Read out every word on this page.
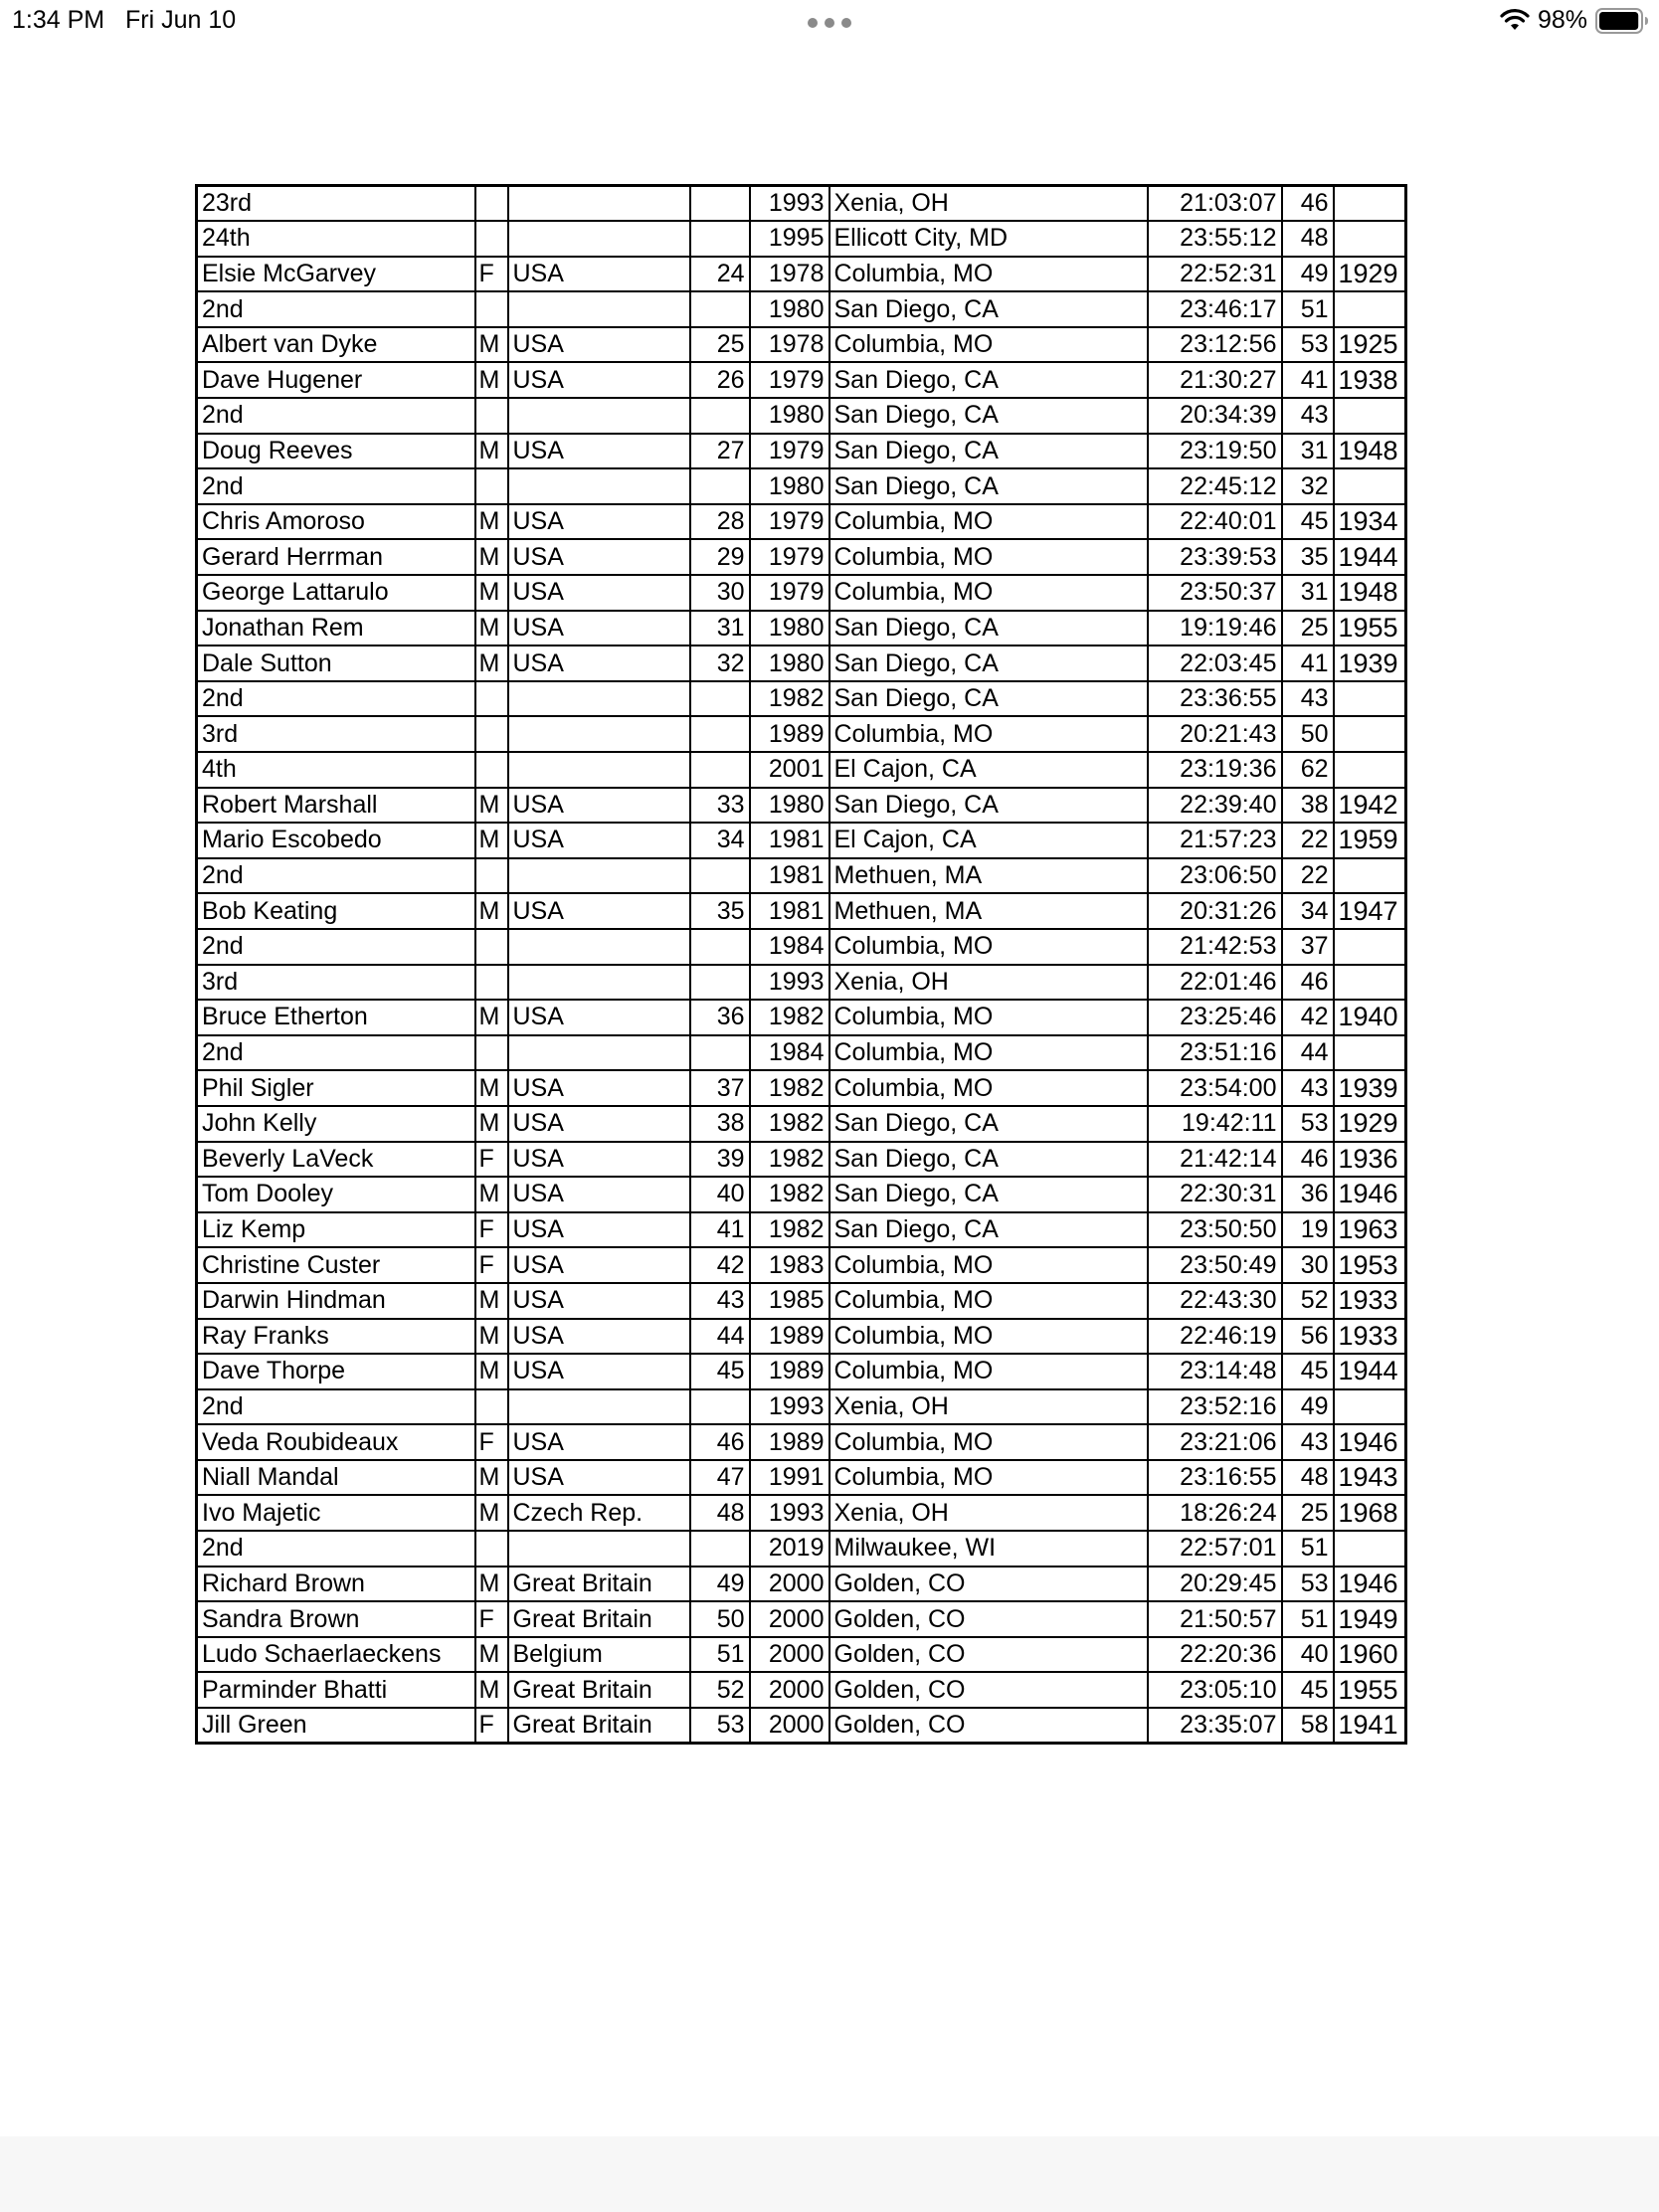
1:34 PM Fri Jun 10	98%
23rd				1993	Xenia, OH	21:03:07	46	
24th				1995	Ellicott City, MD	23:55:12	48	
Elsie McGarvey	F	USA	24	1978	Columbia, MO	22:52:31	49	1929
2nd				1980	San Diego, CA	23:46:17	51	
Albert van Dyke	M	USA	25	1978	Columbia, MO	23:12:56	53	1925
Dave Hugener	M	USA	26	1979	San Diego, CA	21:30:27	41	1938
2nd				1980	San Diego, CA	20:34:39	43	
Doug Reeves	M	USA	27	1979	San Diego, CA	23:19:50	31	1948
2nd				1980	San Diego, CA	22:45:12	32	
Chris Amoroso	M	USA	28	1979	Columbia, MO	22:40:01	45	1934
Gerard Herrman	M	USA	29	1979	Columbia, MO	23:39:53	35	1944
George Lattarulo	M	USA	30	1979	Columbia, MO	23:50:37	31	1948
Jonathan Rem	M	USA	31	1980	San Diego, CA	19:19:46	25	1955
Dale Sutton	M	USA	32	1980	San Diego, CA	22:03:45	41	1939
2nd				1982	San Diego, CA	23:36:55	43	
3rd				1989	Columbia, MO	20:21:43	50	
4th				2001	El Cajon, CA	23:19:36	62	
Robert Marshall	M	USA	33	1980	San Diego, CA	22:39:40	38	1942
Mario Escobedo	M	USA	34	1981	El Cajon, CA	21:57:23	22	1959
2nd				1981	Methuen, MA	23:06:50	22	
Bob Keating	M	USA	35	1981	Methuen, MA	20:31:26	34	1947
2nd				1984	Columbia, MO	21:42:53	37	
3rd				1993	Xenia, OH	22:01:46	46	
Bruce Etherton	M	USA	36	1982	Columbia, MO	23:25:46	42	1940
2nd				1984	Columbia, MO	23:51:16	44	
Phil Sigler	M	USA	37	1982	Columbia, MO	23:54:00	43	1939
John Kelly	M	USA	38	1982	San Diego, CA	19:42:11	53	1929
Beverly LaVeck	F	USA	39	1982	San Diego, CA	21:42:14	46	1936
Tom Dooley	M	USA	40	1982	San Diego, CA	22:30:31	36	1946
Liz Kemp	F	USA	41	1982	San Diego, CA	23:50:50	19	1963
Christine Custer	F	USA	42	1983	Columbia, MO	23:50:49	30	1953
Darwin Hindman	M	USA	43	1985	Columbia, MO	22:43:30	52	1933
Ray Franks	M	USA	44	1989	Columbia, MO	22:46:19	56	1933
Dave Thorpe	M	USA	45	1989	Columbia, MO	23:14:48	45	1944
2nd				1993	Xenia, OH	23:52:16	49	
Veda Roubideaux	F	USA	46	1989	Columbia, MO	23:21:06	43	1946
Niall Mandal	M	USA	47	1991	Columbia, MO	23:16:55	48	1943
Ivo Majetic	M	Czech Rep.	48	1993	Xenia, OH	18:26:24	25	1968
2nd				2019	Milwaukee, WI	22:57:01	51	
Richard Brown	M	Great Britain	49	2000	Golden, CO	20:29:45	53	1946
Sandra Brown	F	Great Britain	50	2000	Golden, CO	21:50:57	51	1949
Ludo Schaerlaeckens	M	Belgium	51	2000	Golden, CO	22:20:36	40	1960
Parminder Bhatti	M	Great Britain	52	2000	Golden, CO	23:05:10	45	1955
Jill Green	F	Great Britain	53	2000	Golden, CO	23:35:07	58	1941
